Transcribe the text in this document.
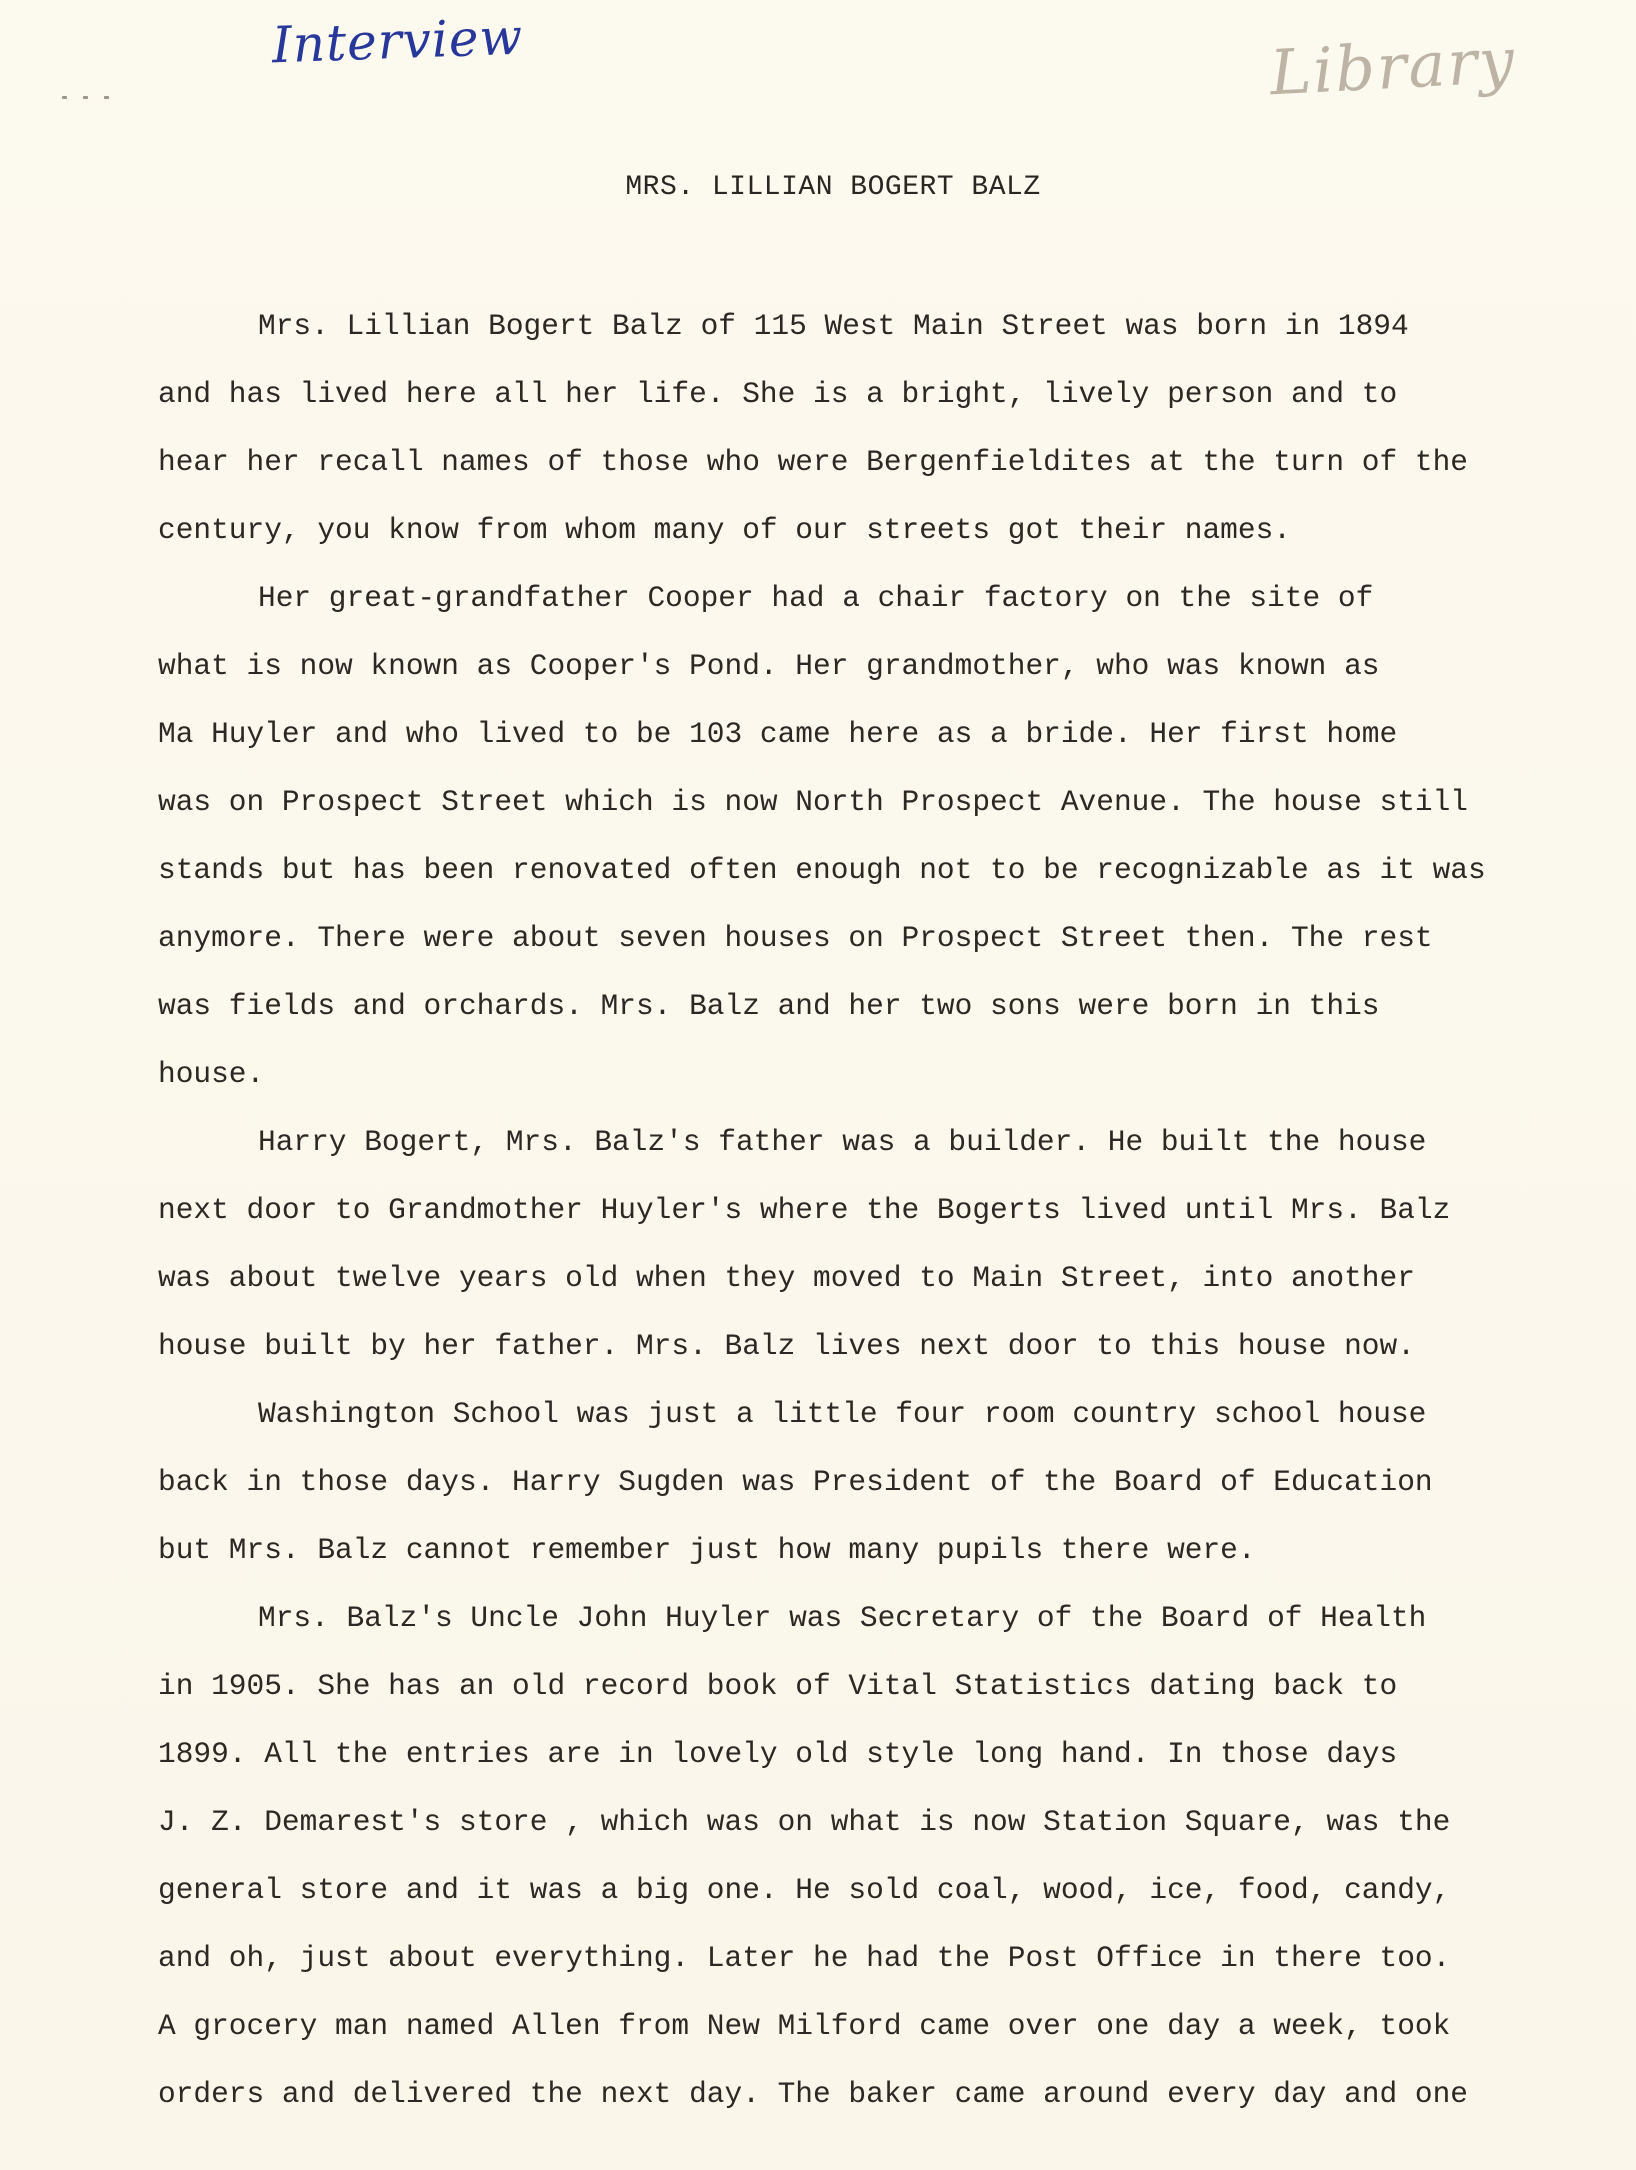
Interview	Library
MRS. LILLIAN BOGERT BALZ
Mrs. Lillian Bogert Balz of 115 West Main Street was born in 1894
and has lived here all her life. She is a bright, lively person and to
hear her recall names of those who were Bergenfieldites at the turn of the
century, you know from whom many of our streets got their names.
Her great-grandfather Cooper had a chair factory on the site of
what is now known as Cooper's Pond. Her grandmother, who was known as
Ma Huyler and who lived to be 103 came here as a bride. Her first home
was on Prospect Street which is now North Prospect Avenue. The house still
stands but has been renovated often enough not to be recognizable as it was
anymore. There were about seven houses on Prospect Street then. The rest
was fields and orchards. Mrs. Balz and her two sons were born in this
house.
Harry Bogert, Mrs. Balz's father was a builder. He built the house
next door to Grandmother Huyler's where the Bogerts lived until Mrs. Balz
was about twelve years old when they moved to Main Street, into another
house built by her father. Mrs. Balz lives next door to this house now.
Washington School was just a little four room country school house
back in those days. Harry Sugden was President of the Board of Education
but Mrs. Balz cannot remember just how many pupils there were.
Mrs. Balz's Uncle John Huyler was Secretary of the Board of Health
in 1905. She has an old record book of Vital Statistics dating back to
1899. All the entries are in lovely old style long hand. In those days
J. Z. Demarest's store , which was on what is now Station Square, was the
general store and it was a big one. He sold coal, wood, ice, food, candy,
and oh, just about everything. Later he had the Post Office in there too.
A grocery man named Allen from New Milford came over one day a week, took
orders and delivered the next day. The baker came around every day and one
